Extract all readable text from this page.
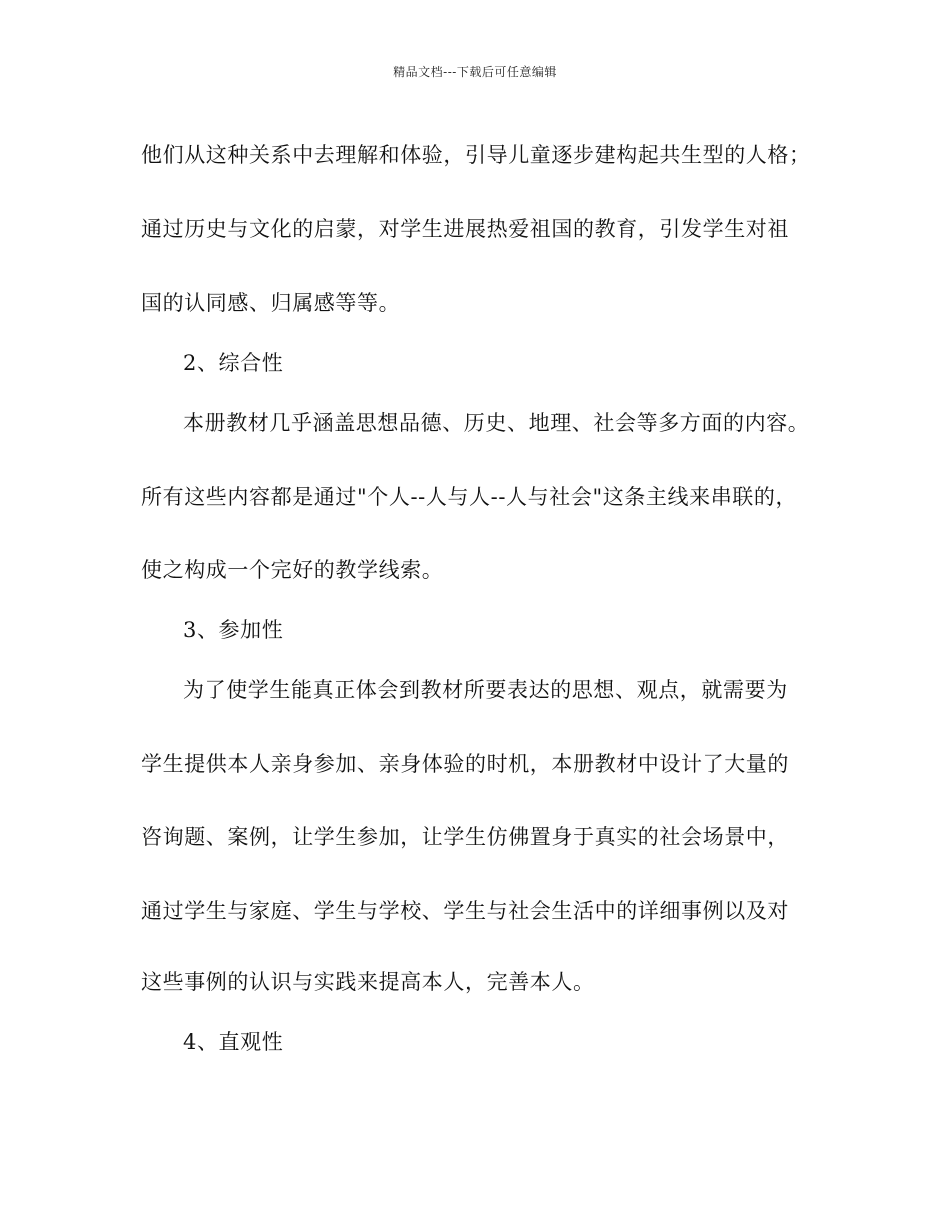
精品文档---下载后可任意编辑
他们从这种关系中去理解和体验，引导儿童逐步建构起共生型的人格；
通过历史与文化的启蒙，对学生进展热爱祖国的教育，引发学生对祖
国的认同感、归属感等等。
2、综合性
本册教材几乎涵盖思想品德、历史、地理、社会等多方面的内容。
所有这些内容都是通过"个人--人与人--人与社会"这条主线来串联的，
使之构成一个完好的教学线索。
3、参加性
为了使学生能真正体会到教材所要表达的思想、观点，就需要为
学生提供本人亲身参加、亲身体验的时机，本册教材中设计了大量的
咨询题、案例，让学生参加，让学生仿佛置身于真实的社会场景中，
通过学生与家庭、学生与学校、学生与社会生活中的详细事例以及对
这些事例的认识与实践来提高本人，完善本人。
4、直观性
